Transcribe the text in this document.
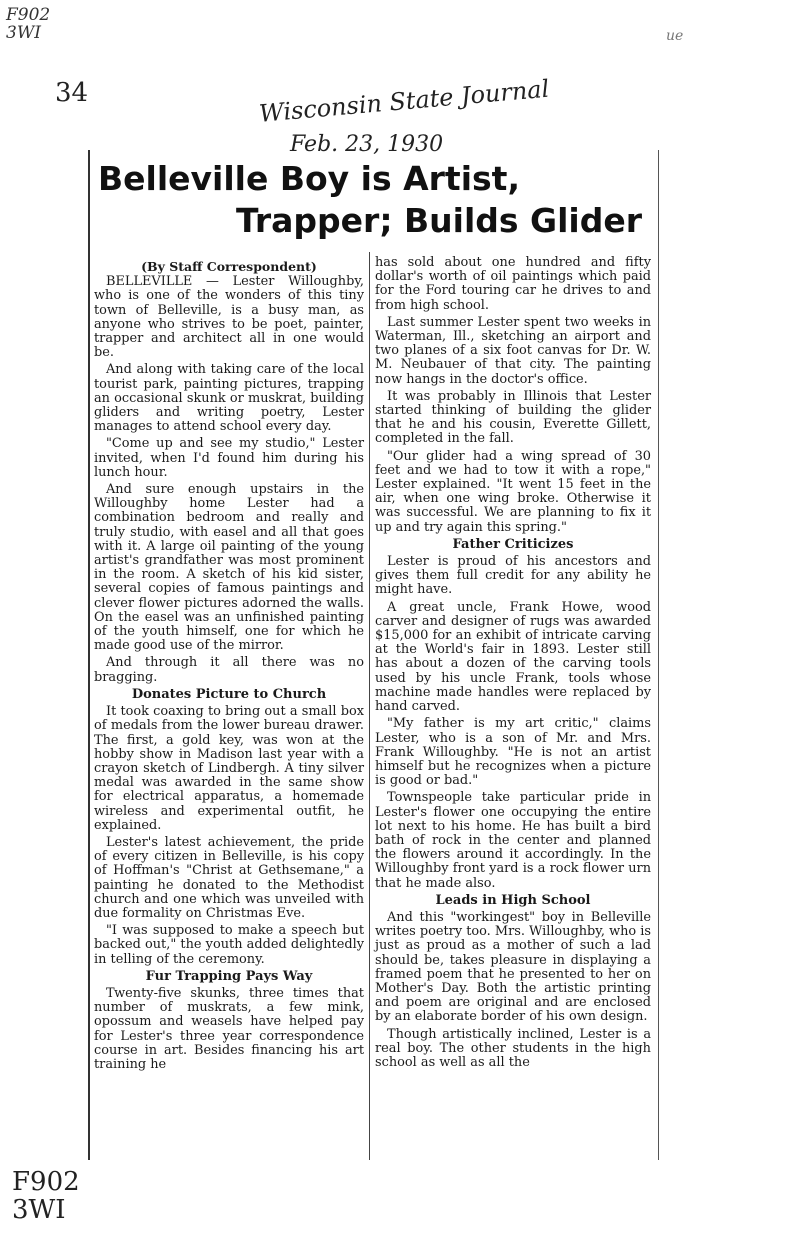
F902
3WI
34
ue
Wisconsin State Journal
Feb. 23, 1930
F902
3WI
Belleville Boy is Artist,
Trapper; Builds Glider
(By Staff Correspondent)

BELLEVILLE — Lester Willoughby, who is one of the wonders of this tiny town of Belleville, is a busy man, as anyone who strives to be poet, painter, trapper and architect all in one would be.

And along with taking care of the local tourist park, painting pictures, trapping an occasional skunk or muskrat, building gliders and writing poetry, Lester manages to attend school every day.

"Come up and see my studio," Lester invited, when I'd found him during his lunch hour.

And sure enough upstairs in the Willoughby home Lester had a combination bedroom and really and truly studio, with easel and all that goes with it. A large oil painting of the young artist's grandfather was most prominent in the room. A sketch of his kid sister, several copies of famous paintings and clever flower pictures adorned the walls. On the easel was an unfinished painting of the youth himself, one for which he made good use of the mirror.

And through it all there was no bragging.

Donates Picture to Church

It took coaxing to bring out a small box of medals from the lower bureau drawer. The first, a gold key, was won at the hobby show in Madison last year with a crayon sketch of Lindbergh. A tiny silver medal was awarded in the same show for electrical apparatus, a homemade wireless and experimental outfit, he explained.

Lester's latest achievement, the pride of every citizen in Belleville, is his copy of Hoffman's "Christ at Gethsemane," a painting he donated to the Methodist church and one which was unveiled with due formality on Christmas Eve.

"I was supposed to make a speech but backed out," the youth added delightedly in telling of the ceremony.

Fur Trapping Pays Way

Twenty-five skunks, three times that number of muskrats, a few mink, opossum and weasels have helped pay for Lester's three year correspondence course in art. Besides financing his art training he

has sold about one hundred and fifty dollar's worth of oil paintings which paid for the Ford touring car he drives to and from high school.

Last summer Lester spent two weeks in Waterman, Ill., sketching an airport and two planes of a six foot canvas for Dr. W. M. Neubauer of that city. The painting now hangs in the doctor's office.

It was probably in Illinois that Lester started thinking of building the glider that he and his cousin, Everette Gillett, completed in the fall.

"Our glider had a wing spread of 30 feet and we had to tow it with a rope," Lester explained. "It went 15 feet in the air, when one wing broke. Otherwise it was successful. We are planning to fix it up and try again this spring."

Father Criticizes

Lester is proud of his ancestors and gives them full credit for any ability he might have.

A great uncle, Frank Howe, wood carver and designer of rugs was awarded $15,000 for an exhibit of intricate carving at the World's fair in 1893. Lester still has about a dozen of the carving tools used by his uncle Frank, tools whose machine made handles were replaced by hand carved.

"My father is my art critic," claims Lester, who is a son of Mr. and Mrs. Frank Willoughby. "He is not an artist himself but he recognizes when a picture is good or bad."

Townspeople take particular pride in Lester's flower one occupying the entire lot next to his home. He has built a bird bath of rock in the center and planned the flowers around it accordingly. In the Willoughby front yard is a rock flower urn that he made also.

Leads in High School

And this "workingest" boy in Belleville writes poetry too. Mrs. Willoughby, who is just as proud as a mother of such a lad should be, takes pleasure in displaying a framed poem that he presented to her on Mother's Day. Both the artistic printing and poem are original and are enclosed by an elaborate border of his own design.

Though artistically inclined, Lester is a real boy. The other students in the high school as well as all the
